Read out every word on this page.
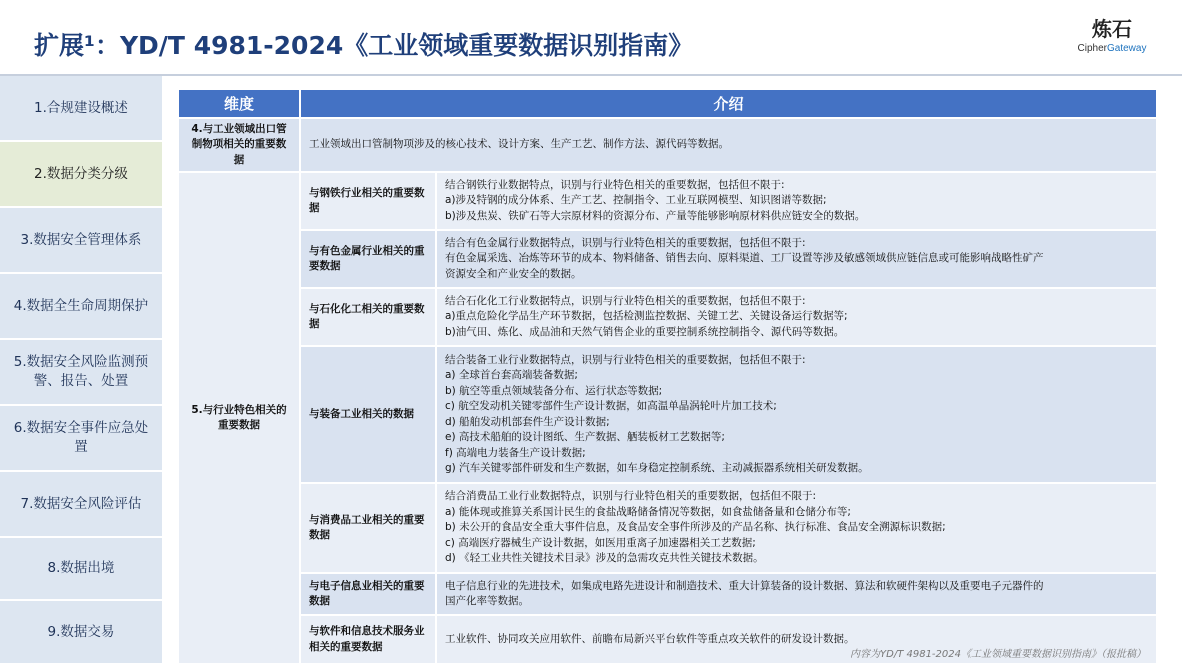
扩展¹：YD/T 4981-2024《工业领域重要数据识别指南》
炼石
CipherGateway
1.合规建设概述
2.数据分类分级
3.数据安全管理体系
4.数据全生命周期保护
5.数据安全风险监测预警、报告、处置
6.数据安全事件应急处置
7.数据安全风险评估
8.数据出境
9.数据交易
维度	介绍
4.与工业领域出口管制物项相关的重要数据
工业领域出口管制物项涉及的核心技术、设计方案、生产工艺、制作方法、源代码等数据。
5.与行业特色相关的重要数据
与钢铁行业相关的重要数据
结合钢铁行业数据特点，识别与行业特色相关的重要数据，包括但不限于:
a)涉及特钢的成分体系、生产工艺、控制指令、工业互联网模型、知识图谱等数据;
b)涉及焦炭、铁矿石等大宗原材料的资源分布、产量等能够影响原材料供应链安全的数据。
与有色金属行业相关的重要数据
结合有色金属行业数据特点，识别与行业特色相关的重要数据，包括但不限于:
有色金属采选、冶炼等环节的成本、物料储备、销售去向、原料渠道、工厂设置等涉及敏感领域供应链信息或可能影响战略性矿产
资源安全和产业安全的数据。
与石化化工相关的重要数据
结合石化化工行业数据特点，识别与行业特色相关的重要数据，包括但不限于:
a)重点危险化学品生产环节数据，包括检测监控数据、关键工艺、关键设备运行数据等;
b)油气田、炼化、成品油和天然气销售企业的重要控制系统控制指令、源代码等数据。
与装备工业相关的数据
结合装备工业行业数据特点，识别与行业特色相关的重要数据，包括但不限于:
a) 全球首台套高端装备数据;
b) 航空等重点领域装备分布、运行状态等数据;
c) 航空发动机关键零部件生产设计数据，如高温单晶涡轮叶片加工技术;
d) 船舶发动机部套件生产设计数据;
e) 高技术船舶的设计图纸、生产数据、舾装板材工艺数据等;
f) 高端电力装备生产设计数据;
g) 汽车关键零部件研发和生产数据，如车身稳定控制系统、主动减振器系统相关研发数据。
与消费品工业相关的重要数据
结合消费品工业行业数据特点，识别与行业特色相关的重要数据，包括但不限于:
a) 能体现或推算关系国计民生的食盐战略储备情况等数据，如食盐储备量和仓储分布等;
b) 未公开的食品安全重大事件信息，及食品安全事件所涉及的产品名称、执行标准、食品安全溯源标识数据;
c) 高端医疗器械生产设计数据，如医用重离子加速器相关工艺数据;
d) 《轻工业共性关键技术目录》涉及的急需攻克共性关键技术数据。
与电子信息业相关的重要数据
电子信息行业的先进技术，如集成电路先进设计和制造技术、重大计算装备的设计数据、算法和软硬件架构以及重要电子元器件的
国产化率等数据。
与软件和信息技术服务业相关的重要数据
工业软件、协同攻关应用软件、前瞻布局新兴平台软件等重点攻关软件的研发设计数据。
内容为YD/T 4981-2024《工业领域重要数据识别指南》（报批稿）
